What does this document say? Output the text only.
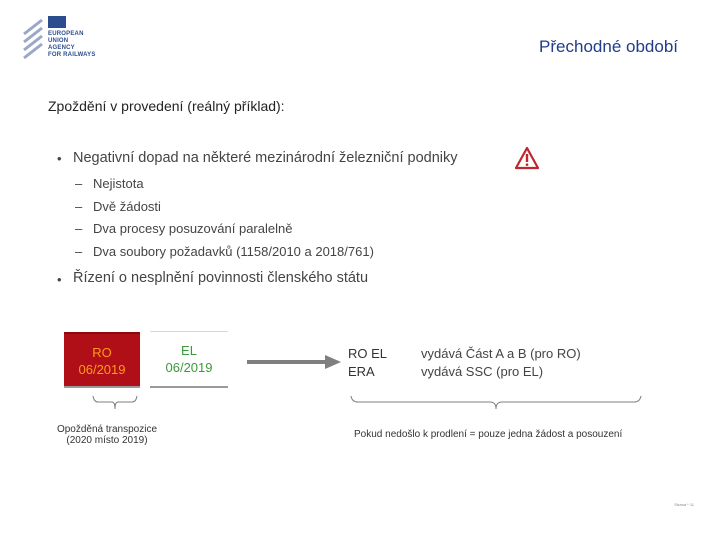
EUROPEAN
UNION
AGENCY
FOR RAILWAYS	Přechodné období
Zpoždění v provedení (reálný příklad):
• Negativní dopad na některé mezinárodní železniční podniky
– Nejistota
– Dvě žádosti
– Dva procesy posuzování paralelně
– Dva soubory požadavků (1158/2010 a 2018/761)
• Řízení o nesplnění povinnosti členského státu
RO
06/2019
EL
06/2019
RO EL
ERA
vydává Část A a B (pro RO)
vydává SSC (pro EL)
Opožděná transpozice
(2020 místo 2019)
Pokud nedošlo k prodlení = pouze jedna žádost a posouzení
Strana * 11
